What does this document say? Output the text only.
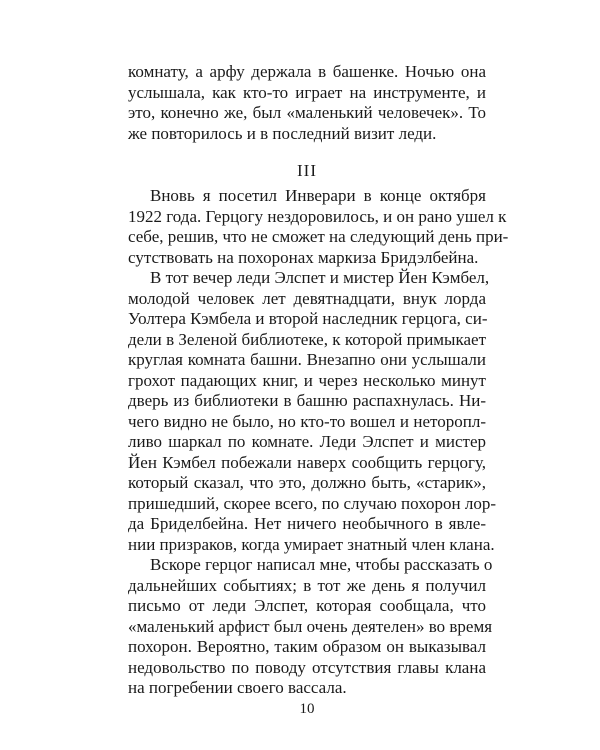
III
10
комнату, а арфу держала в башенке. Ночью она
услышала, как кто-то играет на инструменте, и
это, конечно же, был «маленький человечек». То
же повторилось и в последний визит леди.
Вновь я посетил Инверари в конце октября
1922 года. Герцогу нездоровилось, и он рано ушел к
себе, решив, что не сможет на следующий день при-
сутствовать на похоронах маркиза Бридэлбейна.
В тот вечер леди Элспет и мистер Йен Кэмбел,
молодой человек лет девятнадцати, внук лорда
Уолтера Кэмбела и второй наследник герцога, си-
дели в Зеленой библиотеке, к которой примыкает
круглая комната башни. Внезапно они услышали
грохот падающих книг, и через несколько минут
дверь из библиотеки в башню распахнулась. Ни-
чего видно не было, но кто-то вошел и неторопл-
ливо шаркал по комнате. Леди Элспет и мистер
Йен Кэмбел побежали наверх сообщить герцогу,
который сказал, что это, должно быть, «старик»,
пришедший, скорее всего, по случаю похорон лор-
да Бриделбейна. Нет ничего необычного в явле-
нии призраков, когда умирает знатный член клана.
Вскоре герцог написал мне, чтобы рассказать о
дальнейших событиях; в тот же день я получил
письмо от леди Элспет, которая сообщала, что
«маленький арфист был очень деятелен» во время
похорон. Вероятно, таким образом он выказывал
недовольство по поводу отсутствия главы клана
на погребении своего вассала.
